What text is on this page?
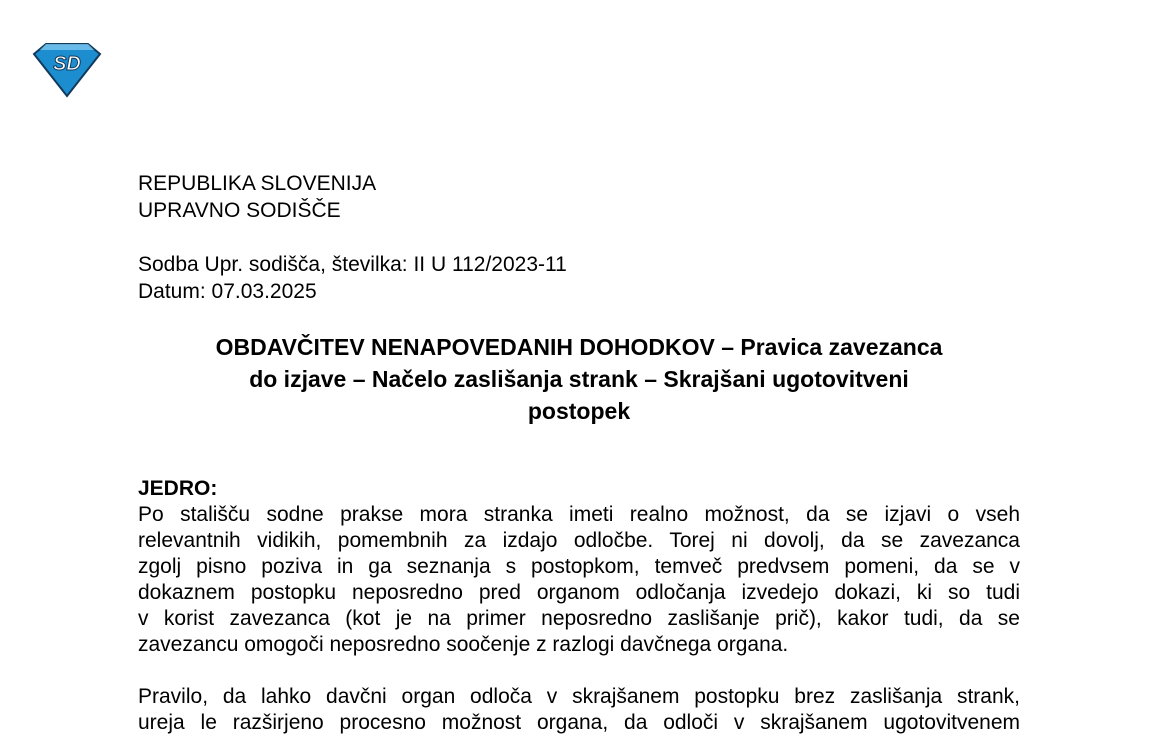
SD

REPUBLIKA SLOVENIJA

UPRAVNO SODIŠČE

Sodba Upr. sodišča, številka: II U 112/2023-11

Datum: 07.03.2025

OBDAVČITEV NENAPOVEDANIH DOHODKOV – Pravica zavezanca
do izjave – Načelo zaslišanja strank – Skrajšani ugotovitveni
postopek

JEDRO:

Po stališču sodne prakse mora stranka imeti realno možnost, da se izjavi o vseh
relevantnih vidikih, pomembnih za izdajo odločbe. Torej ni dovolj, da se zavezanca
zgolj pisno poziva in ga seznanja s postopkom, temveč predvsem pomeni, da se v
dokaznem postopku neposredno pred organom odločanja izvedejo dokazi, ki so tudi
v korist zavezanca (kot je na primer neposredno zaslišanje prič), kakor tudi, da se
zavezancu omogoči neposredno soočenje z razlogi davčnega organa.
Pravilo, da lahko davčni organ odloča v skrajšanem postopku brez zaslišanja strank,
ureja le razširjeno procesno možnost organa, da odloči v skrajšanem ugotovitvenem
